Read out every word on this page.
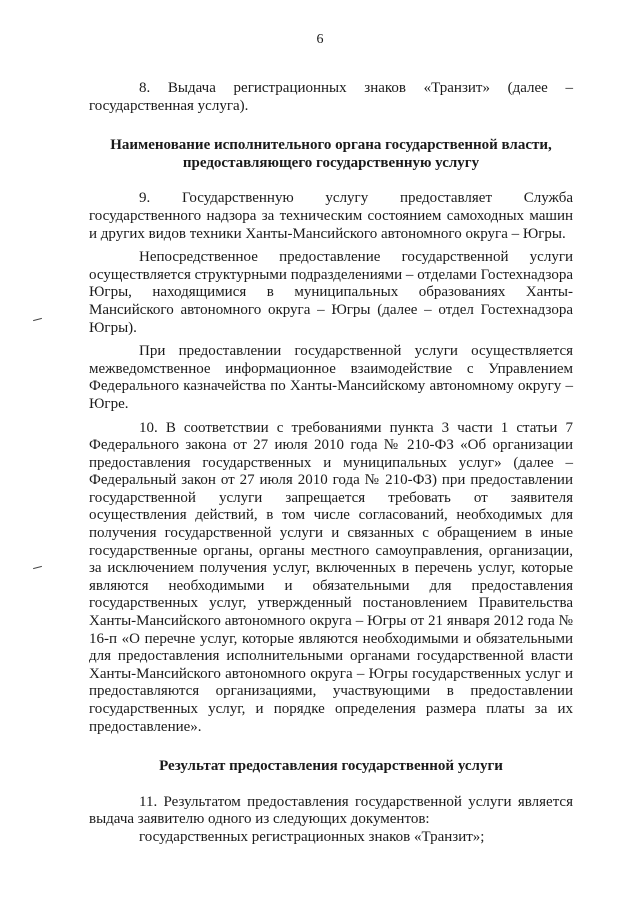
6

8. Выдача регистрационных знаков «Транзит» (далее – государственная услуга).

Наименование исполнительного органа государственной власти, предоставляющего государственную услугу

9. Государственную услугу предоставляет Служба государственного надзора за техническим состоянием самоходных машин и других видов техники Ханты-Мансийского автономного округа – Югры.

Непосредственное предоставление государственной услуги осуществляется структурными подразделениями – отделами Гостехнадзора Югры, находящимися в муниципальных образованиях Ханты-Мансийского автономного округа – Югры (далее – отдел Гостехнадзора Югры).

При предоставлении государственной услуги осуществляется межведомственное информационное взаимодействие с Управлением Федерального казначейства по Ханты-Мансийскому автономному округу – Югре.

10. В соответствии с требованиями пункта 3 части 1 статьи 7 Федерального закона от 27 июля 2010 года № 210-ФЗ «Об организации предоставления государственных и муниципальных услуг» (далее – Федеральный закон от 27 июля 2010 года № 210-ФЗ) при предоставлении государственной услуги запрещается требовать от заявителя осуществления действий, в том числе согласований, необходимых для получения государственной услуги и связанных с обращением в иные государственные органы, органы местного самоуправления, организации, за исключением получения услуг, включенных в перечень услуг, которые являются необходимыми и обязательными для предоставления государственных услуг, утвержденный постановлением Правительства Ханты-Мансийского автономного округа – Югры от 21 января 2012 года № 16-п «О перечне услуг, которые являются необходимыми и обязательными для предоставления исполнительными органами государственной власти Ханты-Мансийского автономного округа – Югры государственных услуг и предоставляются организациями, участвующими в предоставлении государственных услуг, и порядке определения размера платы за их предоставление».

Результат предоставления государственной услуги

11. Результатом предоставления государственной услуги является выдача заявителю одного из следующих документов:

государственных регистрационных знаков «Транзит»;
